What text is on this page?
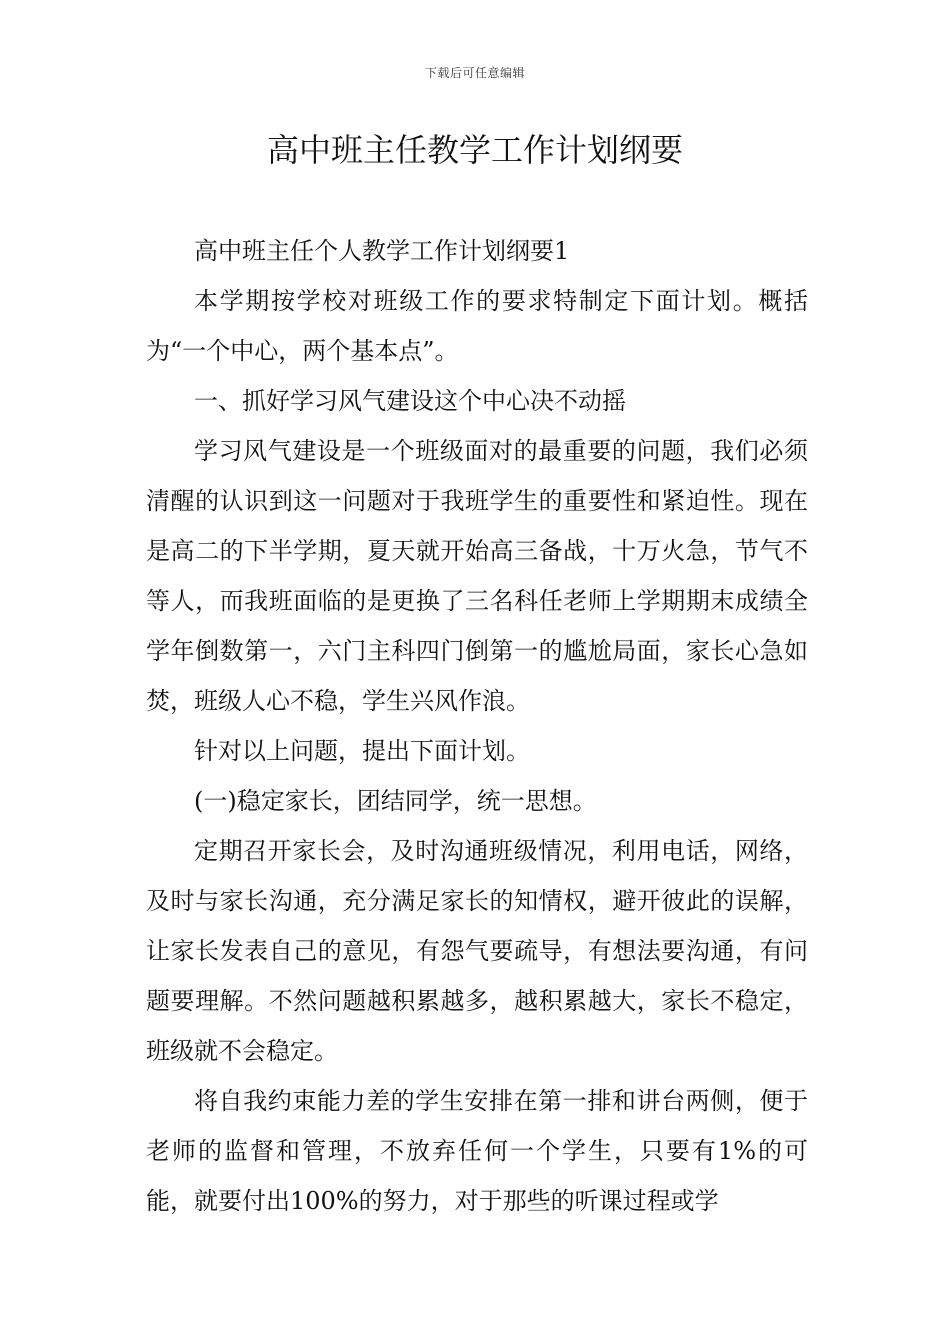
下载后可任意编辑
高中班主任教学工作计划纲要

高中班主任个人教学工作计划纲要1

本学期按学校对班级工作的要求特制定下面计划。概括为“一个中心，两个基本点”。

一、抓好学习风气建设这个中心决不动摇

学习风气建设是一个班级面对的最重要的问题，我们必须清醒的认识到这一问题对于我班学生的重要性和紧迫性。现在是高二的下半学期，夏天就开始高三备战，十万火急，节气不等人，而我班面临的是更换了三名科任老师上学期期末成绩全学年倒数第一，六门主科四门倒第一的尴尬局面，家长心急如焚，班级人心不稳，学生兴风作浪。

针对以上问题，提出下面计划。

(一)稳定家长，团结同学，统一思想。

定期召开家长会，及时沟通班级情况，利用电话，网络，及时与家长沟通，充分满足家长的知情权，避开彼此的误解，让家长发表自己的意见，有怨气要疏导，有想法要沟通，有问题要理解。不然问题越积累越多，越积累越大，家长不稳定，班级就不会稳定。

将自我约束能力差的学生安排在第一排和讲台两侧，便于老师的监督和管理，不放弃任何一个学生，只要有1%的可能，就要付出100%的努力，对于那些的听课过程或学
